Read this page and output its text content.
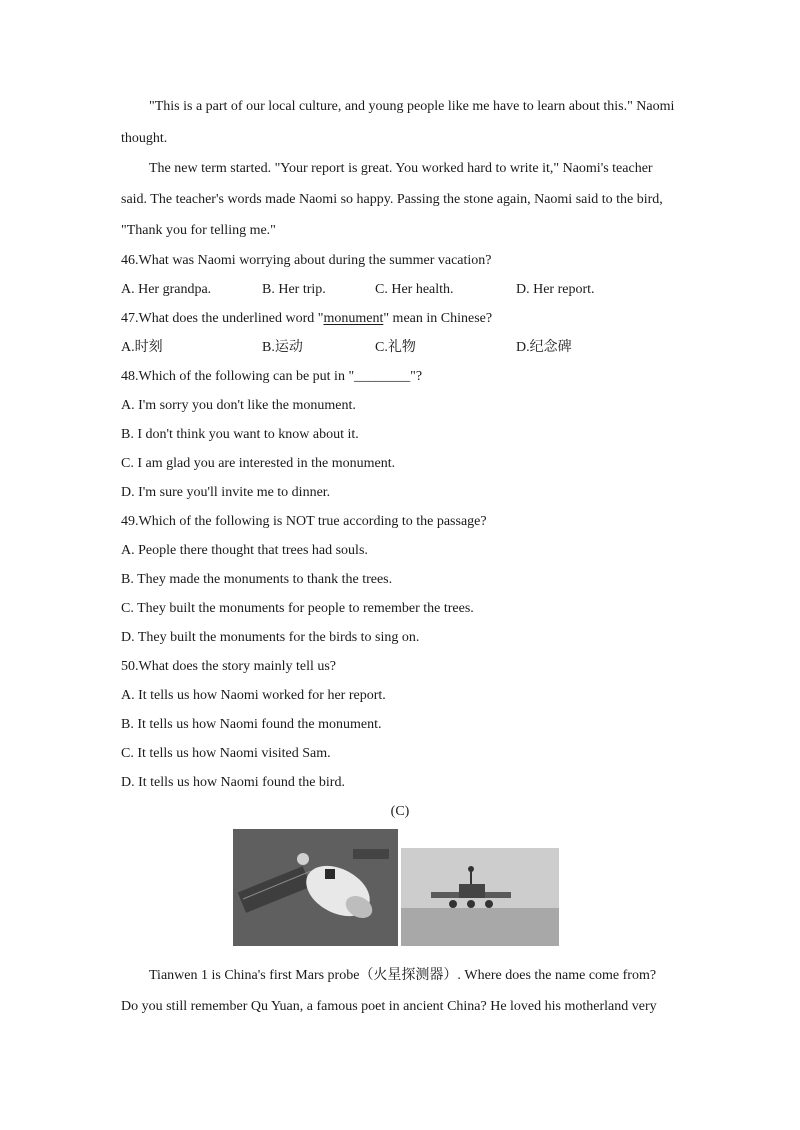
"This is a part of our local culture, and young people like me have to learn about this." Naomi
thought.
The new term started. "Your report is great. You worked hard to write it," Naomi's teacher
said. The teacher's words made Naomi so happy. Passing the stone again, Naomi said to the bird,
"Thank you for telling me."
46.What was Naomi worrying about during the summer vacation?
A. Her grandpa.	B. Her trip.	C. Her health.	D. Her report.
47.What does the underlined word "monument" mean in Chinese?
A.时刻	B.运动	C.礼物	D.纪念碑
48.Which of the following can be put in "________"?
A. I'm sorry you don't like the monument.
B. I don't think you want to know about it.
C. I am glad you are interested in the monument.
D. I'm sure you'll invite me to dinner.
49.Which of the following is NOT true according to the passage?
A. People there thought that trees had souls.
B. They made the monuments to thank the trees.
C. They built the monuments for people to remember the trees.
D. They built the monuments for the birds to sing on.
50.What does the story mainly tell us?
A. It tells us how Naomi worked for her report.
B. It tells us how Naomi found the monument.
C. It tells us how Naomi visited Sam.
D. It tells us how Naomi found the bird.
(C)
Tianwen 1 is China's first Mars probe（火星探测器）. Where does the name come from?
Do you still remember Qu Yuan, a famous poet in ancient China? He loved his motherland very
